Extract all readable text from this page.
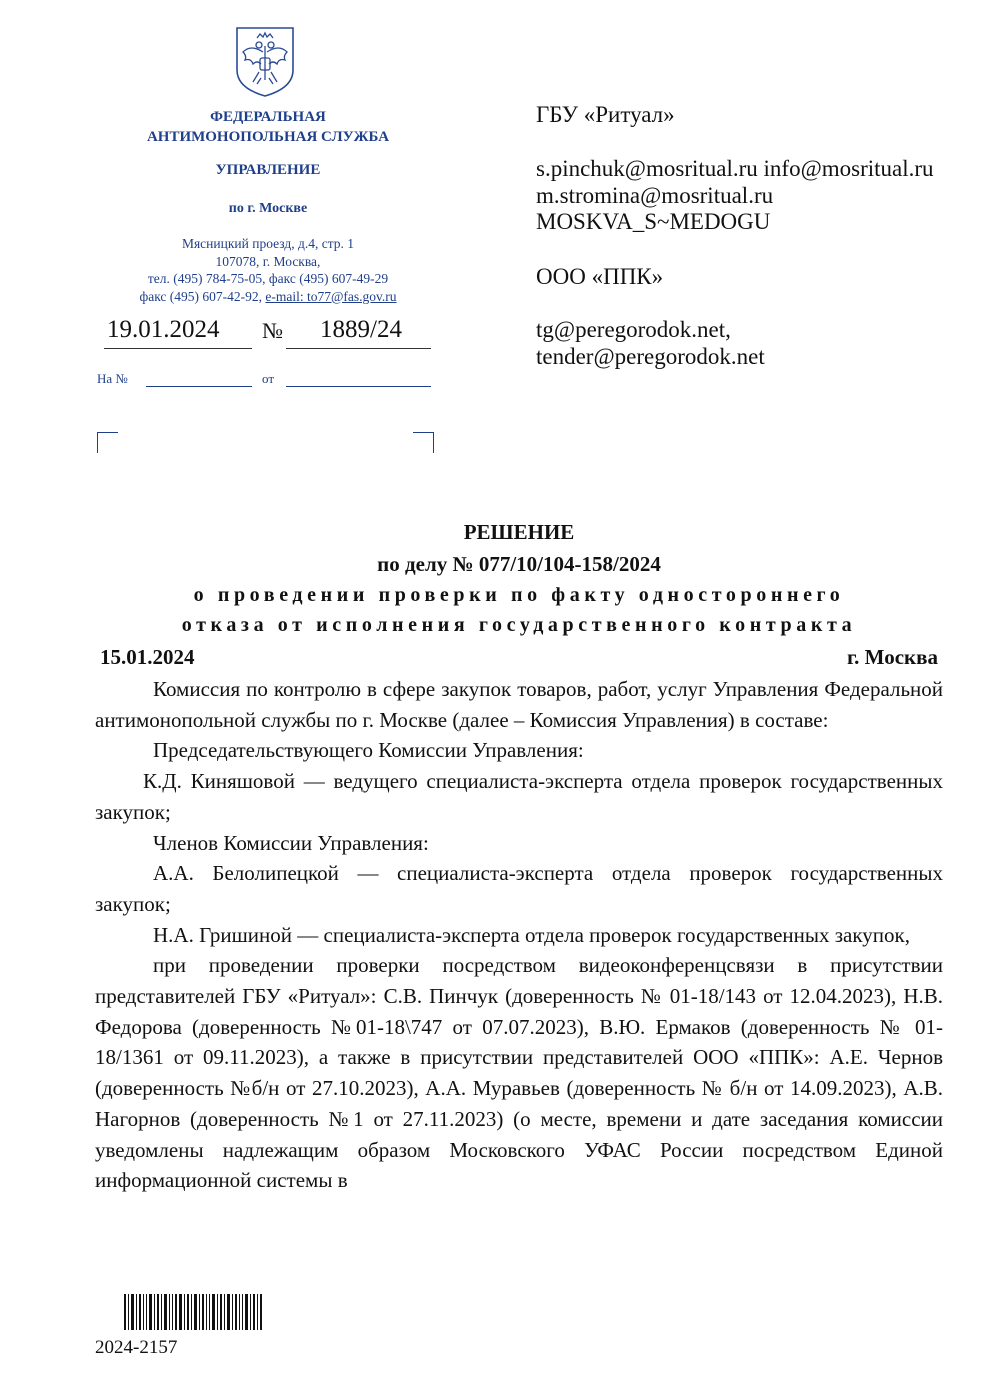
ФЕДЕРАЛЬНАЯ
АНТИМОНОПОЛЬНАЯ СЛУЖБА
УПРАВЛЕНИЕ
по г. Москве
Мясницкий проезд, д.4, стр. 1
107078, г. Москва,
тел. (495) 784-75-05, факс (495) 607-49-29
факс (495) 607-42-92, e-mail: to77@fas.gov.ru
19.01.2024 № 1889/24
На №	от
ГБУ «Ритуал»
s.pinchuk@mosritual.ru info@mosritual.ru
m.stromina@mosritual.ru
MOSKVA_S~MEDOGU
ООО «ППК»
tg@peregorodok.net,
tender@peregorodok.net
РЕШЕНИЕ
по делу № 077/10/104-158/2024
о проведении проверки по факту одностороннего
отказа от исполнения государственного контракта
15.01.2024	г. Москва

Комиссия по контролю в сфере закупок товаров, работ, услуг Управления Федеральной антимонопольной службы по г. Москве (далее – Комиссия Управления) в составе:

Председательствующего Комиссии Управления:

К.Д. Киняшовой — ведущего специалиста-эксперта отдела проверок государственных закупок;

Членов Комиссии Управления:

А.А. Белолипецкой — специалиста-эксперта отдела проверок государственных закупок;

Н.А. Гришиной — специалиста-эксперта отдела проверок государственных закупок,

при проведении проверки посредством видеоконференцсвязи в присутствии представителей ГБУ «Ритуал»: С.В. Пинчук (доверенность № 01-18/143 от 12.04.2023), Н.В. Федорова (доверенность №01-18\747 от 07.07.2023), В.Ю. Ермаков (доверенность № 01-18/1361 от 09.11.2023), а также в присутствии представителей ООО «ППК»: А.Е. Чернов (доверенность №б/н от 27.10.2023), А.А. Муравьев (доверенность № б/н от 14.09.2023), А.В. Нагорнов (доверенность №1 от 27.11.2023) (о месте, времени и дате заседания комиссии уведомлены надлежащим образом Московского УФАС России посредством Единой информационной системы в

2024-2157
